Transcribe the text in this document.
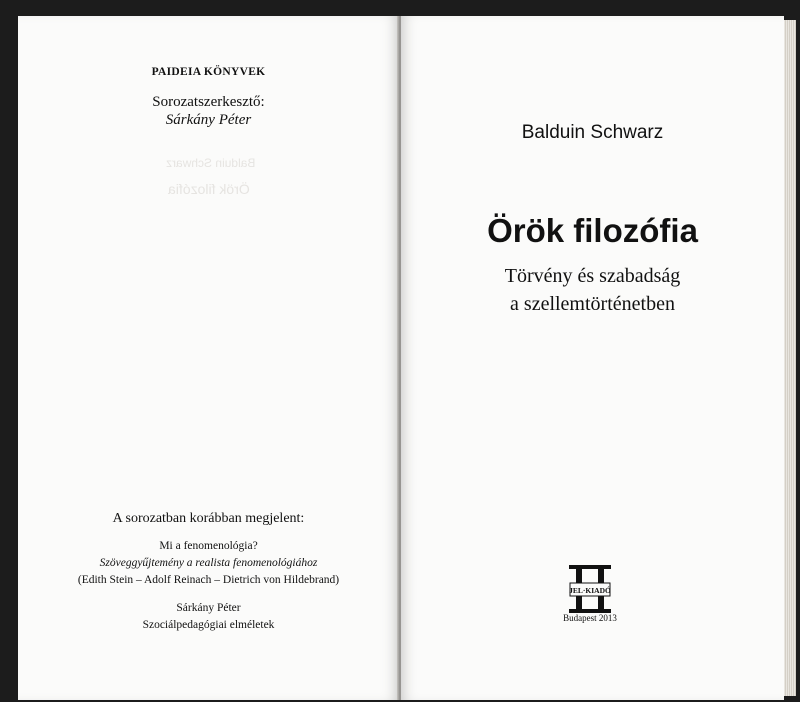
PAIDEIA KÖNYVEK
Sorozatszerkesztő:
Sárkány Péter
Balduin Schwarz
Örök filozófia
A sorozatban korábban megjelent:
Mi a fenomenológia?
Szöveggyűjtemény a realista fenomenológiához
(Edith Stein – Adolf Reinach – Dietrich von Hildebrand)
Sárkány Péter
Szociálpedagógiai elméletek
Balduin Schwarz
Örök filozófia
Törvény és szabadság
a szellemtörténetben
JEL·KIADÓ
Budapest 2013
